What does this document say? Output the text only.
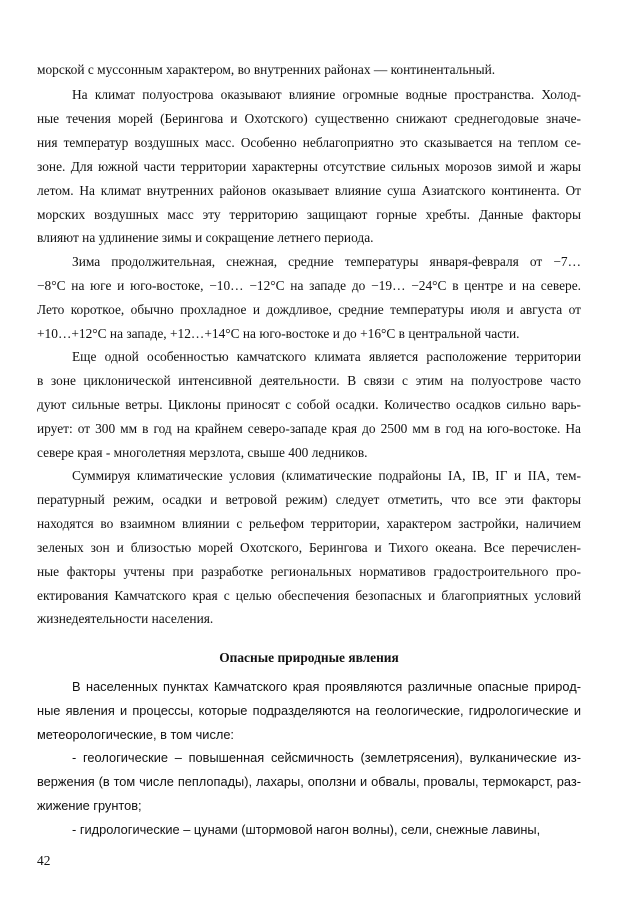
морской с муссонным характером, во внутренних районах — континентальный.
На климат полуострова оказывают влияние огромные водные пространства. Холод-
ные течения морей (Берингова и Охотского) существенно снижают среднегодовые значе-
ния температур воздушных масс. Особенно неблагоприятно это сказывается на теплом се-
зоне. Для южной части территории характерны отсутствие сильных морозов зимой и жары
летом. На климат внутренних районов оказывает влияние суша Азиатского континента. От
морских воздушных масс эту территорию защищают горные хребты. Данные факторы
влияют на удлинение зимы и сокращение летнего периода.
Зима продолжительная, снежная, средние температуры января-февраля от −7…
−8°С на юге и юго-востоке, −10… −12°С на западе до −19… −24°С в центре и на севере.
Лето короткое, обычно прохладное и дождливое, средние температуры июля и августа от
+10…+12°С на западе, +12…+14°С на юго-востоке и до +16°С в центральной части.
Еще одной особенностью камчатского климата является расположение территории
в зоне циклонической интенсивной деятельности. В связи с этим на полуострове часто
дуют сильные ветры. Циклоны приносят с собой осадки. Количество осадков сильно варь-
ирует: от 300 мм в год на крайнем северо-западе края до 2500 мм в год на юго-востоке. На
севере края - многолетняя мерзлота, свыше 400 ледников.
Суммируя климатические условия (климатические подрайоны IA, IB, IГ и IIA, тем-
пературный режим, осадки и ветровой режим) следует отметить, что все эти факторы
находятся во взаимном влиянии с рельефом территории, характером застройки, наличием
зеленых зон и близостью морей Охотского, Берингова и Тихого океана. Все перечислен-
ные факторы учтены при разработке региональных нормативов градостроительного про-
ектирования Камчатского края с целью обеспечения безопасных и благоприятных условий
жизнедеятельности населения.
Опасные природные явления
В населенных пунктах Камчатского края проявляются различные опасные природ-
ные явления и процессы, которые подразделяются на геологические, гидрологические и
метеорологические, в том числе:
- геологические – повышенная сейсмичность (землетрясения), вулканические из-
вержения (в том числе пеплопады), лахары, оползни и обвалы, провалы, термокарст, раз-
жижение грунтов;
- гидрологические – цунами (штормовой нагон волны), сели, снежные лавины,
42
